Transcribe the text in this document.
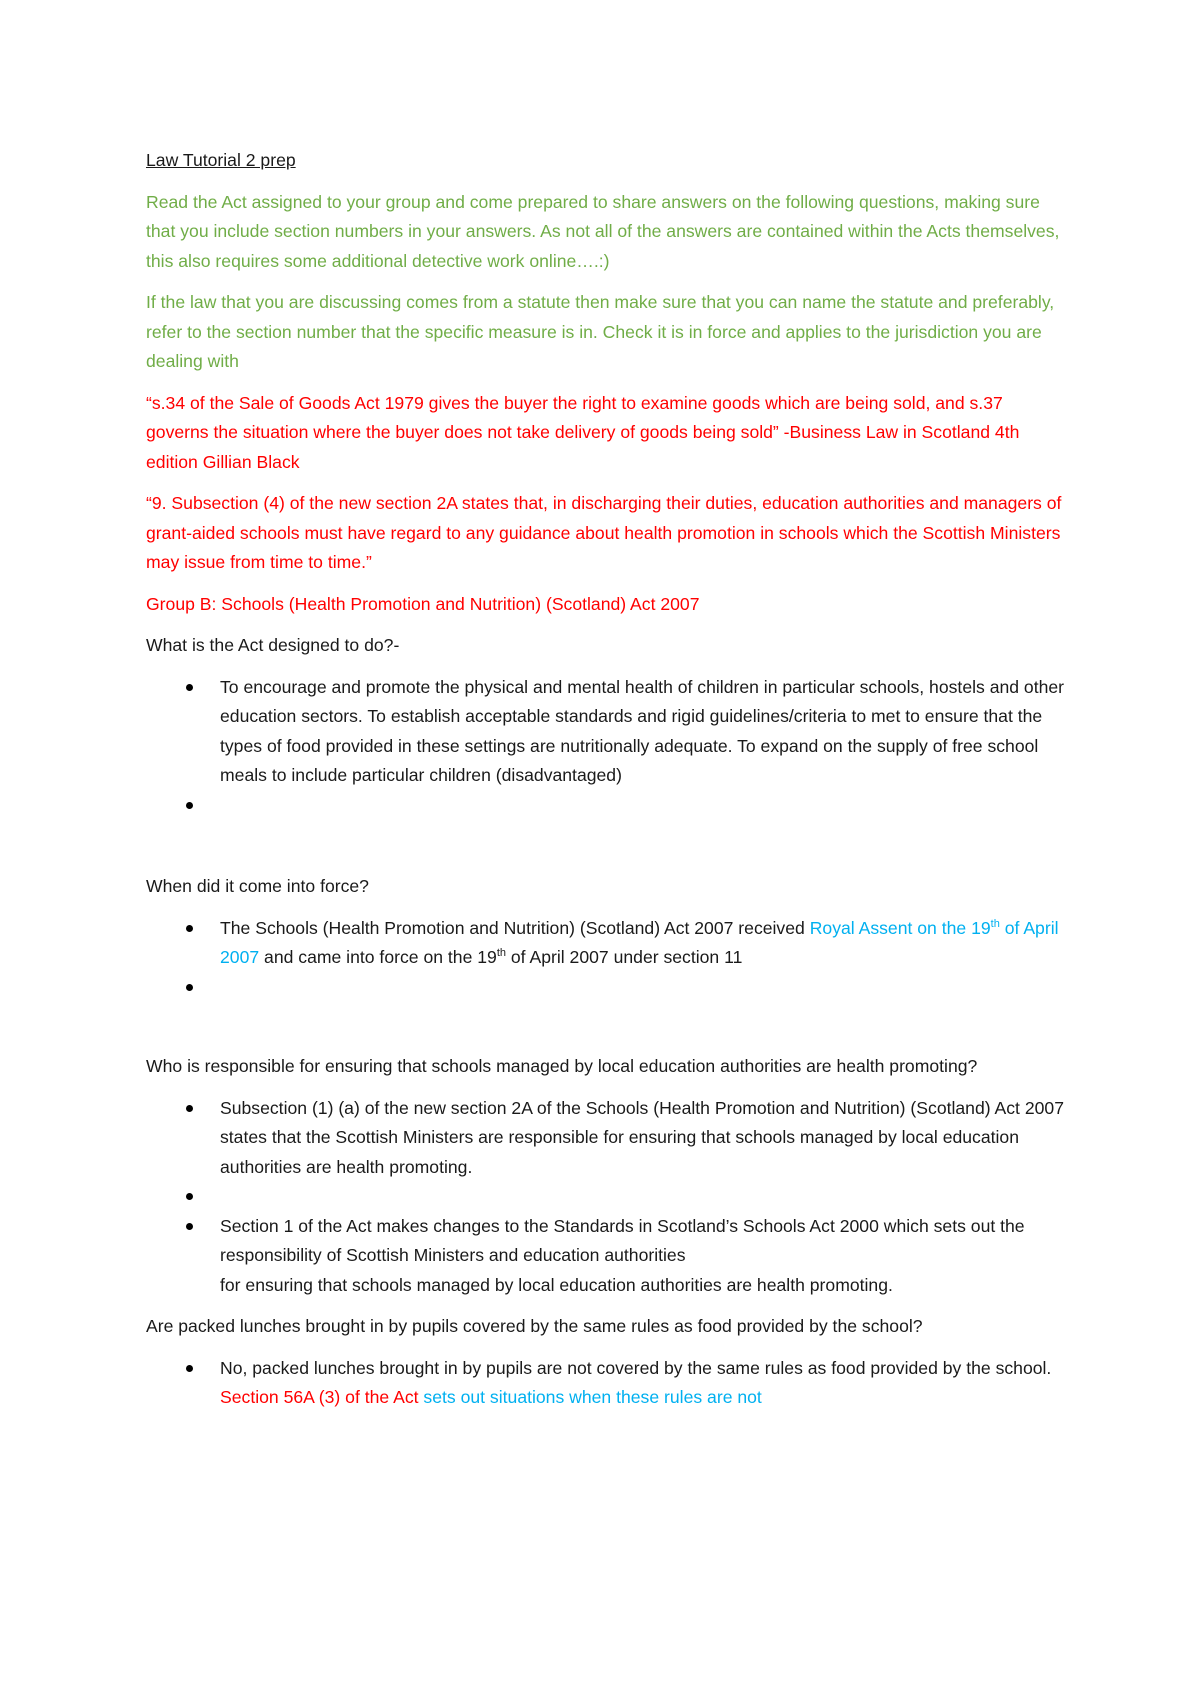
Law Tutorial 2 prep

Read the Act assigned to your group and come prepared to share answers on the following questions, making sure that you include section numbers in your answers. As not all of the answers are contained within the Acts themselves, this also requires some additional detective work online….:)

If the law that you are discussing comes from a statute then make sure that you can name the statute and preferably, refer to the section number that the specific measure is in. Check it is in force and applies to the jurisdiction you are dealing with

“s.34 of the Sale of Goods Act 1979 gives the buyer the right to examine goods which are being sold, and s.37 governs the situation where the buyer does not take delivery of goods being sold” -Business Law in Scotland 4th edition Gillian Black

“9. Subsection (4) of the new section 2A states that, in discharging their duties, education authorities and managers of grant-aided schools must have regard to any guidance about health promotion in schools which the Scottish Ministers may issue from time to time.”

Group B: Schools (Health Promotion and Nutrition) (Scotland) Act 2007

What is the Act designed to do?-

To encourage and promote the physical and mental health of children in particular schools, hostels and other education sectors. To establish acceptable standards and rigid guidelines/criteria to met to ensure that the types of food provided in these settings are nutritionally adequate. To expand on the supply of free school meals to include particular children (disadvantaged)

When did it come into force?

The Schools (Health Promotion and Nutrition) (Scotland) Act 2007 received Royal Assent on the 19th of April 2007 and came into force on the 19th of April 2007 under section 11

Who is responsible for ensuring that schools managed by local education authorities are health promoting?

Subsection (1) (a) of the new section 2A of the Schools (Health Promotion and Nutrition) (Scotland) Act 2007 states that the Scottish Ministers are responsible for ensuring that schools managed by local education authorities are health promoting.
Section 1 of the Act makes changes to the Standards in Scotland’s Schools Act 2000 which sets out the responsibility of Scottish Ministers and education authorities
for ensuring that schools managed by local education authorities are health promoting.

Are packed lunches brought in by pupils covered by the same rules as food provided by the school?

No, packed lunches brought in by pupils are not covered by the same rules as food provided by the school. Section 56A (3) of the Act sets out situations when these rules are not
